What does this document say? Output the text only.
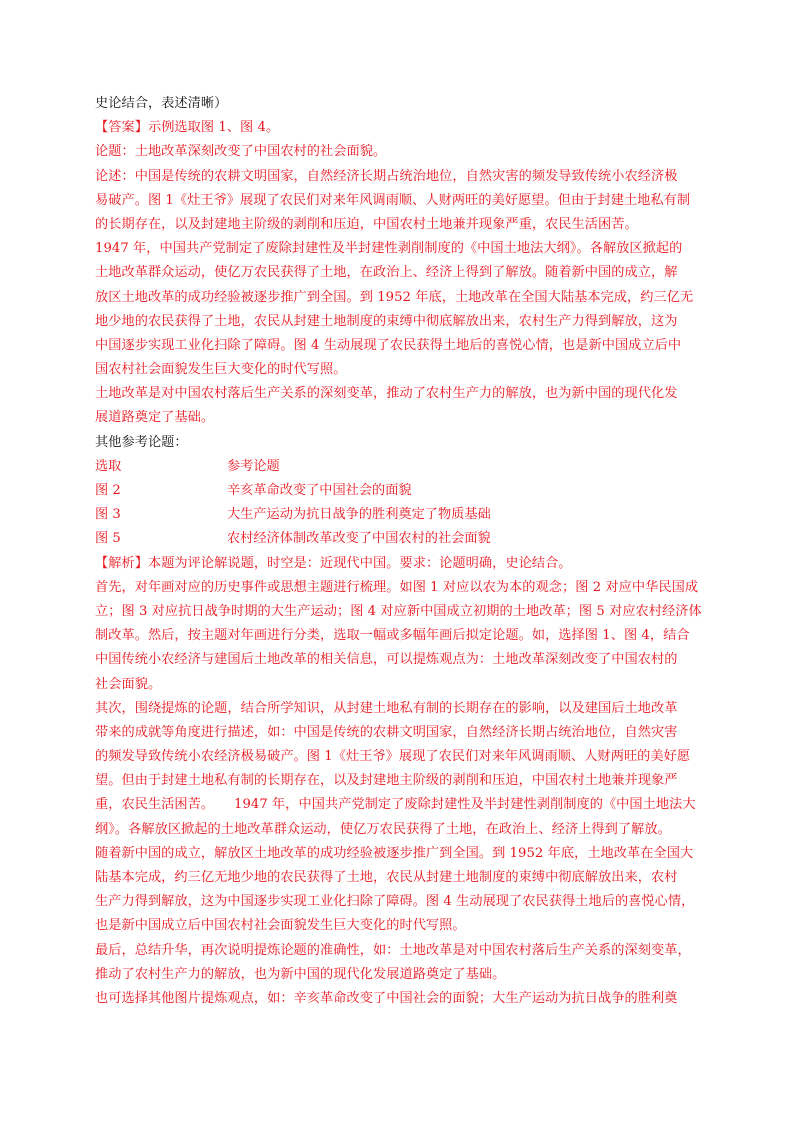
史论结合，表述清晰）
【答案】示例选取图 1、图 4。
论题：土地改革深刻改变了中国农村的社会面貌。
论述：中国是传统的农耕文明国家，自然经济长期占统治地位，自然灾害的频发导致传统小农经济极
易破产。图 1《灶王爷》展现了农民们对来年风调雨顺、人财两旺的美好愿望。但由于封建土地私有制
的长期存在，以及封建地主阶级的剥削和压迫，中国农村土地兼并现象严重，农民生活困苦。
1947 年，中国共产党制定了废除封建性及半封建性剥削制度的《中国土地法大纲》。各解放区掀起的
土地改革群众运动，使亿万农民获得了土地，在政治上、经济上得到了解放。随着新中国的成立，解
放区土地改革的成功经验被逐步推广到全国。到 1952 年底，土地改革在全国大陆基本完成，约三亿无
地少地的农民获得了土地，农民从封建土地制度的束缚中彻底解放出来，农村生产力得到解放，这为
中国逐步实现工业化扫除了障碍。图 4 生动展现了农民获得土地后的喜悦心情，也是新中国成立后中
国农村社会面貌发生巨大变化的时代写照。
土地改革是对中国农村落后生产关系的深刻变革，推动了农村生产力的解放，也为新中国的现代化发
展道路奠定了基础。
其他参考论题：
选取	参考论题
图 2	辛亥革命改变了中国社会的面貌
图 3	大生产运动为抗日战争的胜利奠定了物质基础
图 5	农村经济体制改革改变了中国农村的社会面貌
【解析】本题为评论解说题，时空是：近现代中国。要求：论题明确，史论结合。
首先，对年画对应的历史事件或思想主题进行梳理。如图 1 对应以农为本的观念；图 2 对应中华民国成
立；图 3 对应抗日战争时期的大生产运动；图 4 对应新中国成立初期的土地改革；图 5 对应农村经济体
制改革。然后，按主题对年画进行分类，选取一幅或多幅年画后拟定论题。如，选择图 1、图 4，结合
中国传统小农经济与建国后土地改革的相关信息，可以提炼观点为：土地改革深刻改变了中国农村的
社会面貌。
其次，围绕提炼的论题，结合所学知识，从封建土地私有制的长期存在的影响，以及建国后土地改革
带来的成就等角度进行描述，如：中国是传统的农耕文明国家，自然经济长期占统治地位，自然灾害
的频发导致传统小农经济极易破产。图 1《灶王爷》展现了农民们对来年风调雨顺、人财两旺的美好愿
望。但由于封建土地私有制的长期存在，以及封建地主阶级的剥削和压迫，中国农村土地兼并现象严
重，农民生活困苦。　　1947 年，中国共产党制定了废除封建性及半封建性剥削制度的《中国土地法大
纲》。各解放区掀起的土地改革群众运动，使亿万农民获得了土地，在政治上、经济上得到了解放。
随着新中国的成立，解放区土地改革的成功经验被逐步推广到全国。到 1952 年底，土地改革在全国大
陆基本完成，约三亿无地少地的农民获得了土地，农民从封建土地制度的束缚中彻底解放出来，农村
生产力得到解放，这为中国逐步实现工业化扫除了障碍。图 4 生动展现了农民获得土地后的喜悦心情，
也是新中国成立后中国农村社会面貌发生巨大变化的时代写照。
最后，总结升华，再次说明提炼论题的准确性，如：土地改革是对中国农村落后生产关系的深刻变革，
推动了农村生产力的解放，也为新中国的现代化发展道路奠定了基础。
也可选择其他图片提炼观点，如：辛亥革命改变了中国社会的面貌；大生产运动为抗日战争的胜利奠
